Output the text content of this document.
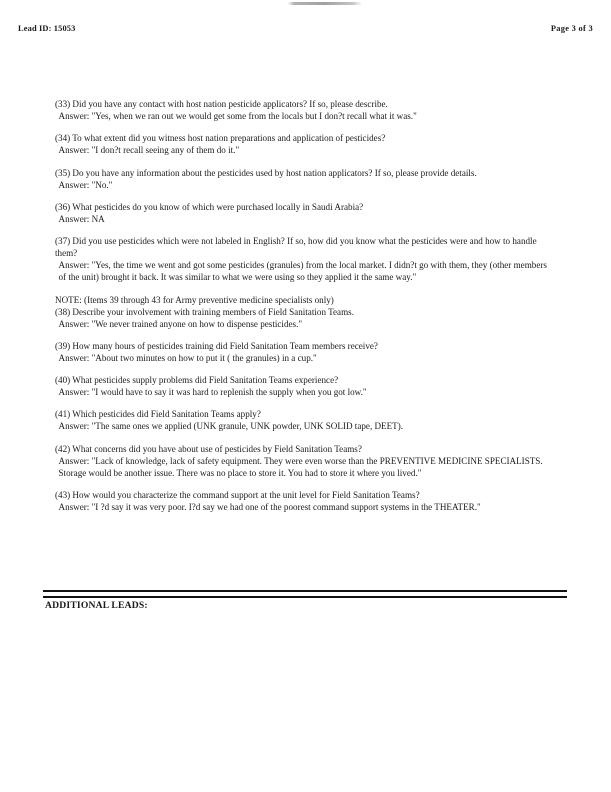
Lead ID: 15053	Page 3 of 3

(33) Did you have any contact with host nation pesticide applicators? If so, please describe.

Answer: "Yes, when we ran out we would get some from the locals but I don?t recall what it was."

(34) To what extent did you witness host nation preparations and application of pesticides?

Answer: "I don?t recall seeing any of them do it."

(35) Do you have any information about the pesticides used by host nation applicators? If so, please provide details.

Answer: "No."

(36) What pesticides do you know of which were purchased locally in Saudi Arabia?

Answer: NA

(37) Did you use pesticides which were not labeled in English? If so, how did you know what the pesticides were and how to handle them?

Answer: "Yes, the time we went and got some pesticides (granules) from the local market. I didn?t go with them, they (other members of the unit) brought it back. It was similar to what we were using so they applied it the same way."

NOTE: (Items 39 through 43 for Army preventive medicine specialists only)

(38) Describe your involvement with training members of Field Sanitation Teams.

Answer: "We never trained anyone on how to dispense pesticides."

(39) How many hours of pesticides training did Field Sanitation Team members receive?

Answer: "About two minutes on how to put it ( the granules) in a cup."

(40) What pesticides supply problems did Field Sanitation Teams experience?

Answer: "I would have to say it was hard to replenish the supply when you got low."

(41) Which pesticides did Field Sanitation Teams apply?

Answer: "The same ones we applied (UNK granule, UNK powder, UNK SOLID tape, DEET).

(42) What concerns did you have about use of pesticides by Field Sanitation Teams?

Answer: "Lack of knowledge, lack of safety equipment. They were even worse than the PREVENTIVE MEDICINE SPECIALISTS. Storage would be another issue. There was no place to store it. You had to store it where you lived."

(43) How would you characterize the command support at the unit level for Field Sanitation Teams?

Answer: "I ?d say it was very poor. I?d say we had one of the poorest command support systems in the THEATER."

ADDITIONAL LEADS:
